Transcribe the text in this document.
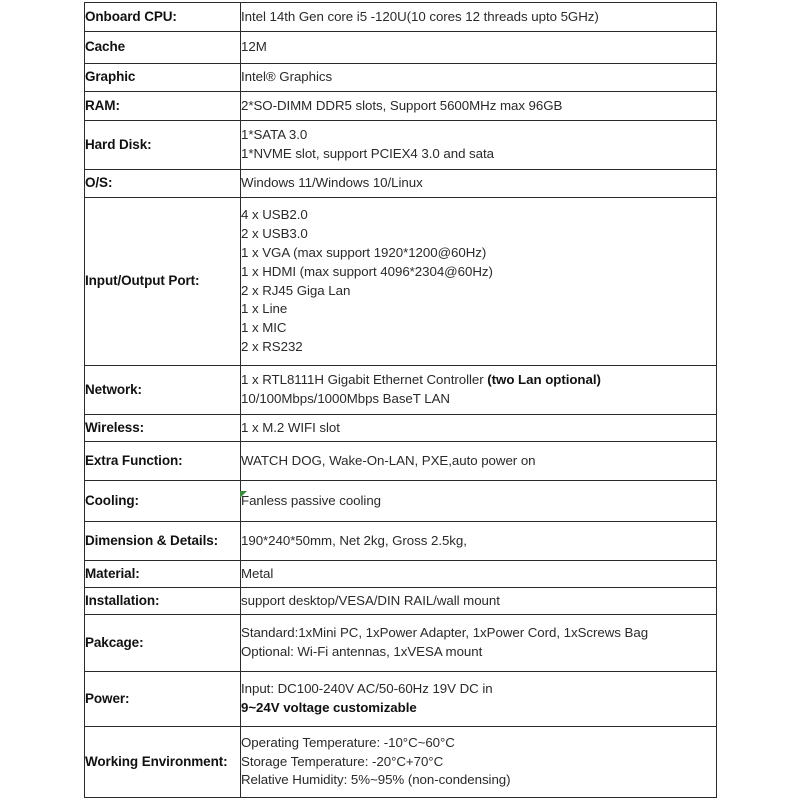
Onboard CPU:	Intel 14th Gen core i5 -120U(10 cores 12 threads upto 5GHz)

Cache	12M

Graphic	Intel® Graphics

RAM:	2*SO-DIMM DDR5 slots, Support 5600MHz max 96GB

Hard Disk:	1*SATA 3.0
1*NVME slot, support PCIEX4 3.0 and sata

O/S:	Windows 11/Windows 10/Linux

Input/Output Port:	
4 x USB2.0
2 x USB3.0
1 x VGA (max support 1920*1200@60Hz)
1 x HDMI (max support 4096*2304@60Hz)
2 x RJ45 Giga Lan
1 x Line
1 x MIC
2 x RS232

Network:	1 x RTL8111H Gigabit Ethernet Controller (two Lan optional)
10/100Mbps/1000Mbps BaseT LAN

Wireless:	1 x M.2 WIFI slot

Extra Function:	WATCH DOG, Wake-On-LAN, PXE,auto power on

Cooling:	Fanless passive cooling

Dimension & Details:	190*240*50mm, Net 2kg, Gross 2.5kg,

Material:	Metal

Installation:	support desktop/VESA/DIN RAIL/wall mount

Pakcage:	Standard:1xMini PC, 1xPower Adapter, 1xPower Cord, 1xScrews Bag
Optional: Wi-Fi antennas, 1xVESA mount

Power:	Input: DC100-240V AC/50-60Hz 19V DC in
9~24V voltage customizable

Working Environment:	Operating Temperature: -10°C~60°C
Storage Temperature: -20°C+70°C
Relative Humidity: 5%~95% (non-condensing)
